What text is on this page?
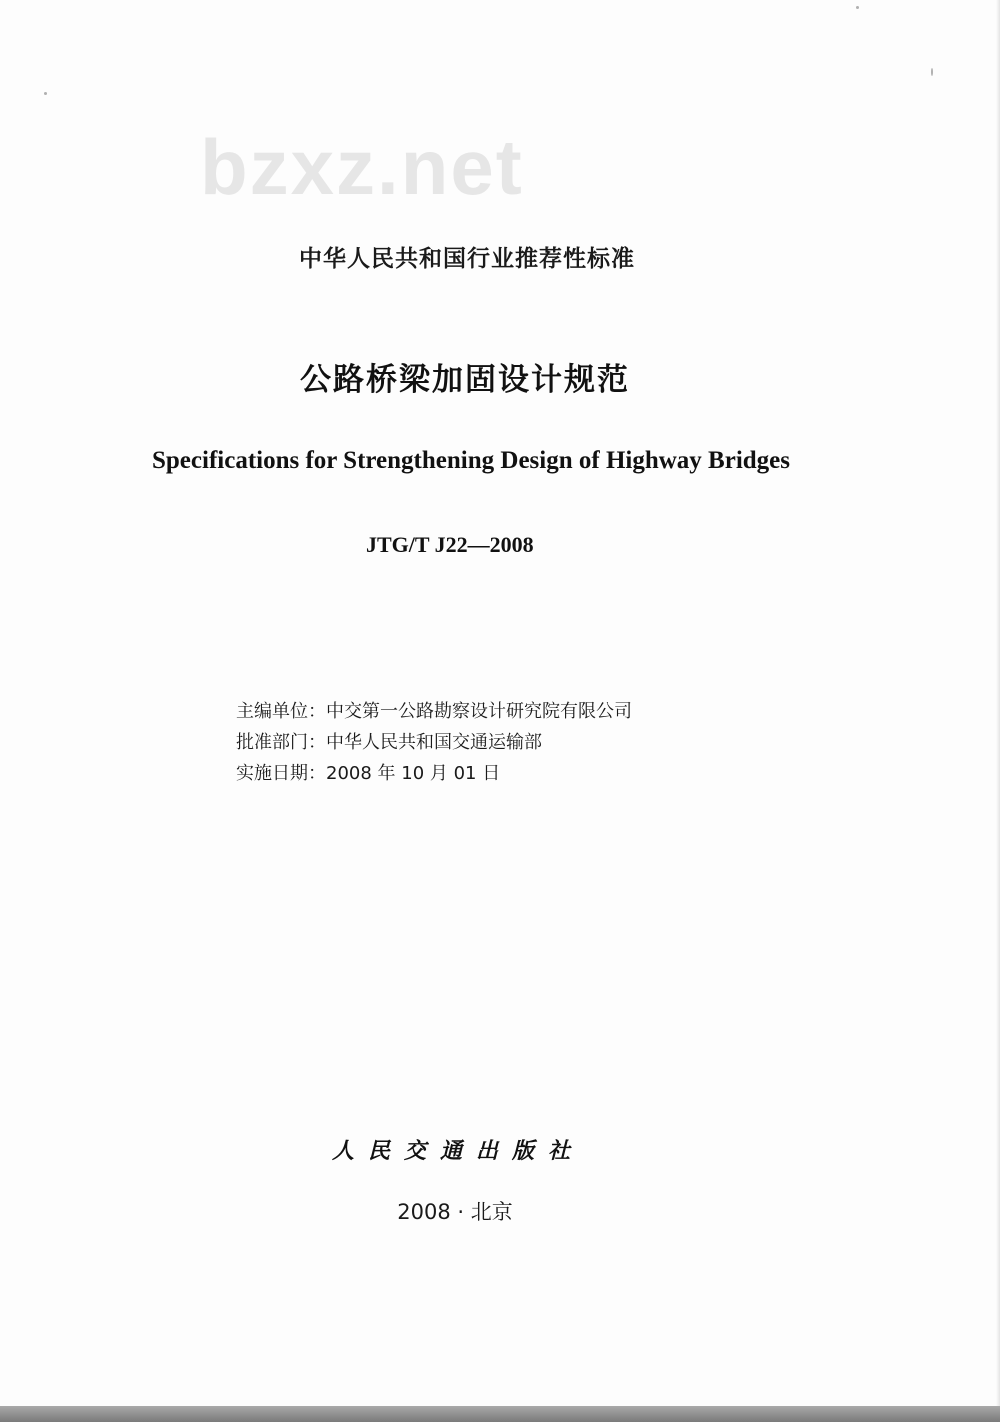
bzxz.net
中华人民共和国行业推荐性标准
公路桥梁加固设计规范
Specifications for Strengthening Design of Highway Bridges
JTG/T J22—2008
主编单位：中交第一公路勘察设计研究院有限公司
批准部门：中华人民共和国交通运输部
实施日期：2008 年 10 月 01 日
人民交通出版社
2008 · 北京
